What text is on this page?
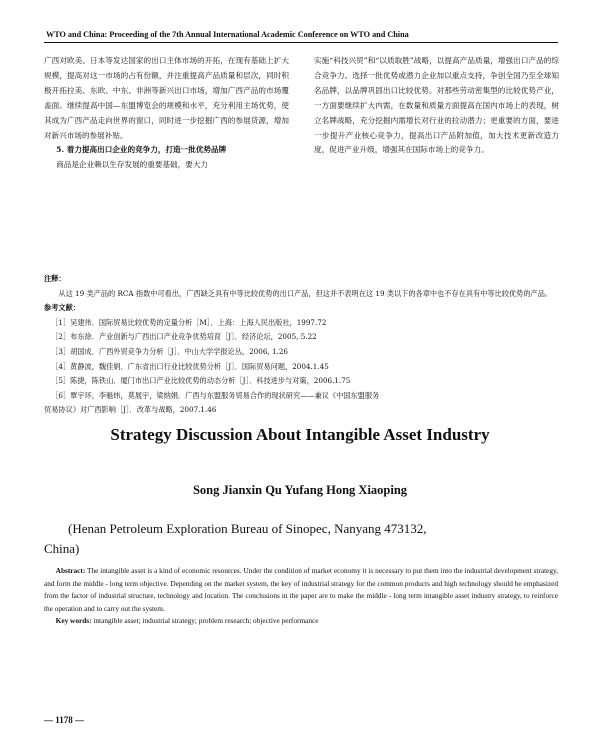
WTO and China: Proceeding of the 7th Annual International Academic Conference on WTO and China

广西对欧美、日本等发达国家的出口主体市场的开拓，在现有基础上扩大规模，提高对这一市场的占有份额，并注重提高产品质量和层次，同时积极开拓拉美、东欧、中东、非洲等新兴出口市场，增加广西产品的市场覆盖面。继续提高中国—东盟博览会的规模和水平，充分利用主场优势，使其成为广西产品走向世界的窗口，同时进一步挖掘广西的参展货源，增加对新兴市场的参展补贴。

5. 着力提高出口企业的竞争力，打造一批优势品牌

商品是企业赖以生存发展的重要基础，要大力

实施“科技兴贸”和“以质取胜”战略，以提高产品质量，增强出口产品的综合竞争力。选择一批优势或潜力企业加以重点支持，争创全国乃至全球知名品牌，以品牌巩固出口比较优势。对那些劳动密集型的比较优势产业，一方面要继续扩大内需，在数量和质量方面提高在国内市场上的表现，树立名牌战略，充分挖掘内需增长对行业的拉动潜力；更重要的方面，要进一步提升产业核心竞争力，提高出口产品附加值，加大技术更新改造力度，促进产业升级，增强其在国际市场上的竞争力。

注释：

从这 19 类产品的 RCA 指数中可看出，广西缺乏具有中等比较优势的出口产品，但这并不表明在这 19 类以下的各章中也不存在具有中等比较优势的产品。

参考文献：

［1］吴建伟．国际贸易比较优势的定量分析［M］．上海：上海人民出版社，1997.72

［2］布东徐．产业创新与广西出口产业竞争优势培育［J］．经济论坛，2005, 5.22

［3］胡国成．广西外贸竞争力分析［J］．中山大学学报论丛，2006, 1.26

［4］黄静波，魏佳娟．广东省出口行业比较优势分析［J］．国际贸易问题，2004.1.45

［5］陈捷，陈铁山．厦门市出口产业比较优势的动态分析［J］．科技进步与对策，2006.1.75

［6］覃宇环，李魁炜，莫展宇，梁纳娟．广西与东盟服务贸易合作的现状研究——兼议《中国东盟服务

贸易协议》对广西影响［J］．改革与战略，2007.1.46

Strategy Discussion About Intangible Asset Industry
Song Jianxin Qu Yufang Hong Xiaoping
(Henan Petroleum Exploration Bureau of Sinopec, Nanyang 473132,
China)

Abstract: The intangible asset is a kind of economic resources. Under the condition of market economy it is necessary to put them into the industrial development strategy, and form the middle - long term objective. Depending on the market system, the key of industrial strategy for the common products and high technology should be emphasized from the factor of industrial structure, technology and location. The conclusions in the paper are to make the middle - long term intangible asset industry strategy, to reinforce the operation and to carry out the system.

Key words: intangible asset; industrial strategy; problem research; objective performance

— 1178 —
